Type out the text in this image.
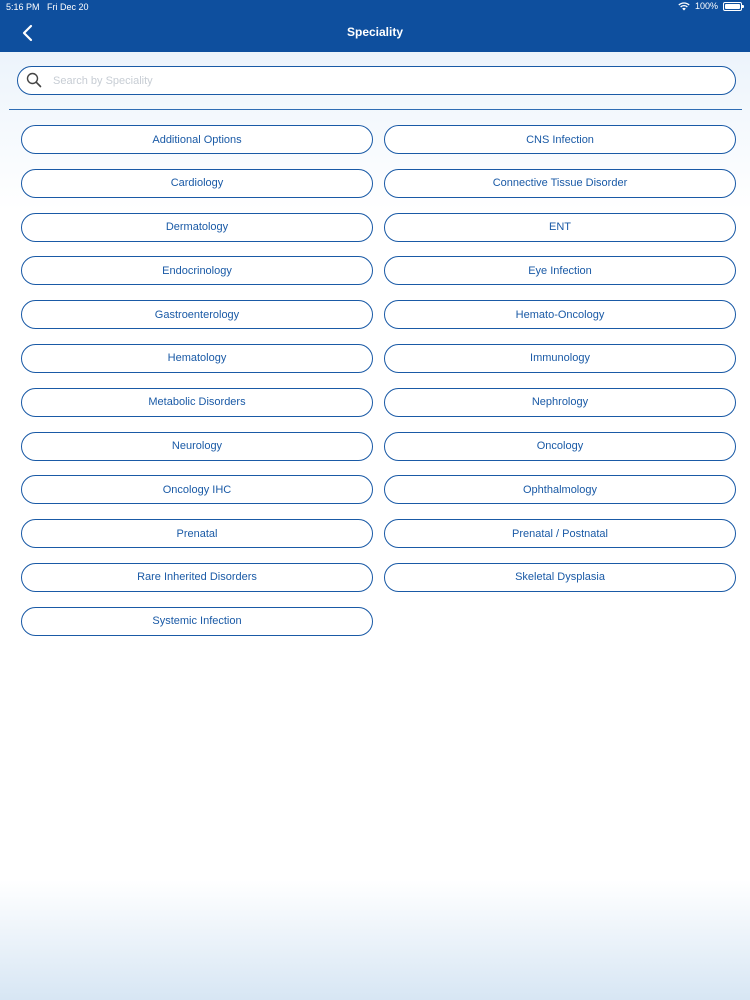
5:16 PM Fri Dec 20	100%
Speciality
Search by Speciality
Additional Options	CNS Infection
Cardiology	Connective Tissue Disorder
Dermatology	ENT
Endocrinology	Eye Infection
Gastroenterology	Hemato-Oncology
Hematology	Immunology
Metabolic Disorders	Nephrology
Neurology	Oncology
Oncology IHC	Ophthalmology
Prenatal	Prenatal / Postnatal
Rare Inherited Disorders	Skeletal Dysplasia
Systemic Infection
